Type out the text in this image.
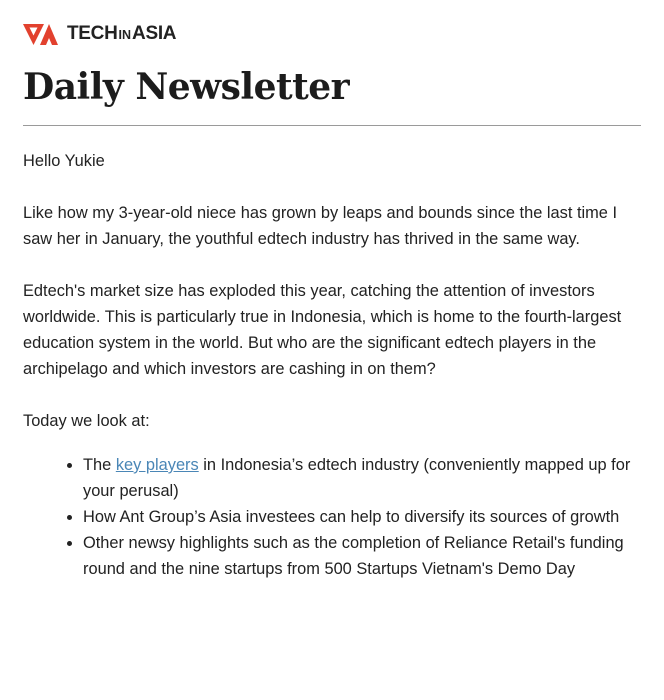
TECH IN ASIA
Daily Newsletter

Hello Yukie

Like how my 3-year-old niece has grown by leaps and bounds since the last time I saw her in January, the youthful edtech industry has thrived in the same way.

Edtech's market size has exploded this year, catching the attention of investors worldwide. This is particularly true in Indonesia, which is home to the fourth-largest education system in the world. But who are the significant edtech players in the archipelago and which investors are cashing in on them?

Today we look at:

• The key players in Indonesia’s edtech industry (conveniently mapped up for your perusal)
• How Ant Group’s Asia investees can help to diversify its sources of growth
• Other newsy highlights such as the completion of Reliance Retail's funding round and the nine startups from 500 Startups Vietnam's Demo Day
